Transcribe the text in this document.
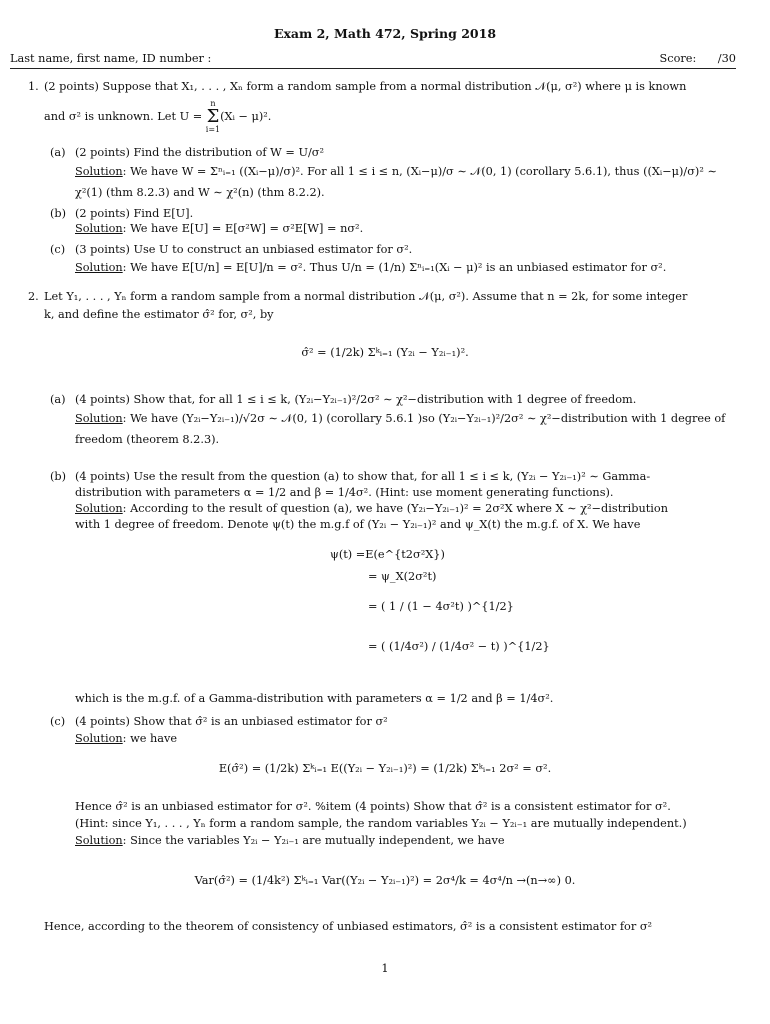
Exam 2, Math 472, Spring 2018
Last name, first name, ID number :	Score:      /30
1. (2 points) Suppose that X₁, . . . , Xₙ form a random sample from a normal distribution 𝒩(μ, σ²) where μ is known
and σ² is unknown. Let U = n
Σ
i=1(Xᵢ − μ)².
(a) (2 points) Find the distribution of W = U/σ²
Solution: We have W = Σⁿᵢ₌₁ ((Xᵢ−μ)/σ)². For all 1 ≤ i ≤ n, (Xᵢ−μ)/σ ∼ 𝒩(0, 1) (corollary 5.6.1), thus ((Xᵢ−μ)/σ)² ∼
χ²(1) (thm 8.2.3) and W ∼ χ²(n) (thm 8.2.2).
(b) (2 points) Find E[U].
Solution: We have E[U] = E[σ²W] = σ²E[W] = nσ².
(c) (3 points) Use U to construct an unbiased estimator for σ².
Solution: We have E[U/n] = E[U]/n = σ². Thus U/n = (1/n) Σⁿᵢ₌₁(Xᵢ − μ)² is an unbiased estimator for σ².
2. Let Y₁, . . . , Yₙ form a random sample from a normal distribution 𝒩(μ, σ²). Assume that n = 2k, for some integer
k, and define the estimator σ̂² for, σ², by
σ̂² = (1/2k) Σᵏᵢ₌₁ (Y₂ᵢ − Y₂ᵢ₋₁)².
(a) (4 points) Show that, for all 1 ≤ i ≤ k, (Y₂ᵢ−Y₂ᵢ₋₁)²/2σ² ∼ χ²−distribution with 1 degree of freedom.
Solution: We have (Y₂ᵢ−Y₂ᵢ₋₁)/√2σ ∼ 𝒩(0, 1) (corollary 5.6.1 )so (Y₂ᵢ−Y₂ᵢ₋₁)²/2σ² ∼ χ²−distribution with 1 degree of
freedom (theorem 8.2.3).
(b) (4 points) Use the result from the question (a) to show that, for all 1 ≤ i ≤ k, (Y₂ᵢ − Y₂ᵢ₋₁)² ∼ Gamma-
distribution with parameters α = 1/2 and β = 1/4σ². (Hint: use moment generating functions).
Solution: According to the result of question (a), we have (Y₂ᵢ−Y₂ᵢ₋₁)² = 2σ²X where X ∼ χ²−distribution
with 1 degree of freedom. Denote ψ(t) the m.g.f of (Y₂ᵢ − Y₂ᵢ₋₁)² and ψ_X(t) the m.g.f. of X. We have
ψ(t) =E(e^{t2σ²X})
= ψ_X(2σ²t)
= ( 1 / (1 − 4σ²t) )^{1/2}
= ( (1/4σ²) / (1/4σ² − t) )^{1/2}
which is the m.g.f. of a Gamma-distribution with parameters α = 1/2 and β = 1/4σ².
(c) (4 points) Show that σ̂² is an unbiased estimator for σ²
Solution: we have
E(σ̂²) = (1/2k) Σᵏᵢ₌₁ E((Y₂ᵢ − Y₂ᵢ₋₁)²) = (1/2k) Σᵏᵢ₌₁ 2σ² = σ².
Hence σ̂² is an unbiased estimator for σ². %item (4 points) Show that σ̂² is a consistent estimator for σ².
(Hint: since Y₁, . . . , Yₙ form a random sample, the random variables Y₂ᵢ − Y₂ᵢ₋₁ are mutually independent.)
Solution: Since the variables Y₂ᵢ − Y₂ᵢ₋₁ are mutually independent, we have
Var(σ̂²) = (1/4k²) Σᵏᵢ₌₁ Var((Y₂ᵢ − Y₂ᵢ₋₁)²) = 2σ⁴/k = 4σ⁴/n →(n→∞) 0.
Hence, according to the theorem of consistency of unbiased estimators, σ̂² is a consistent estimator for σ²
1
